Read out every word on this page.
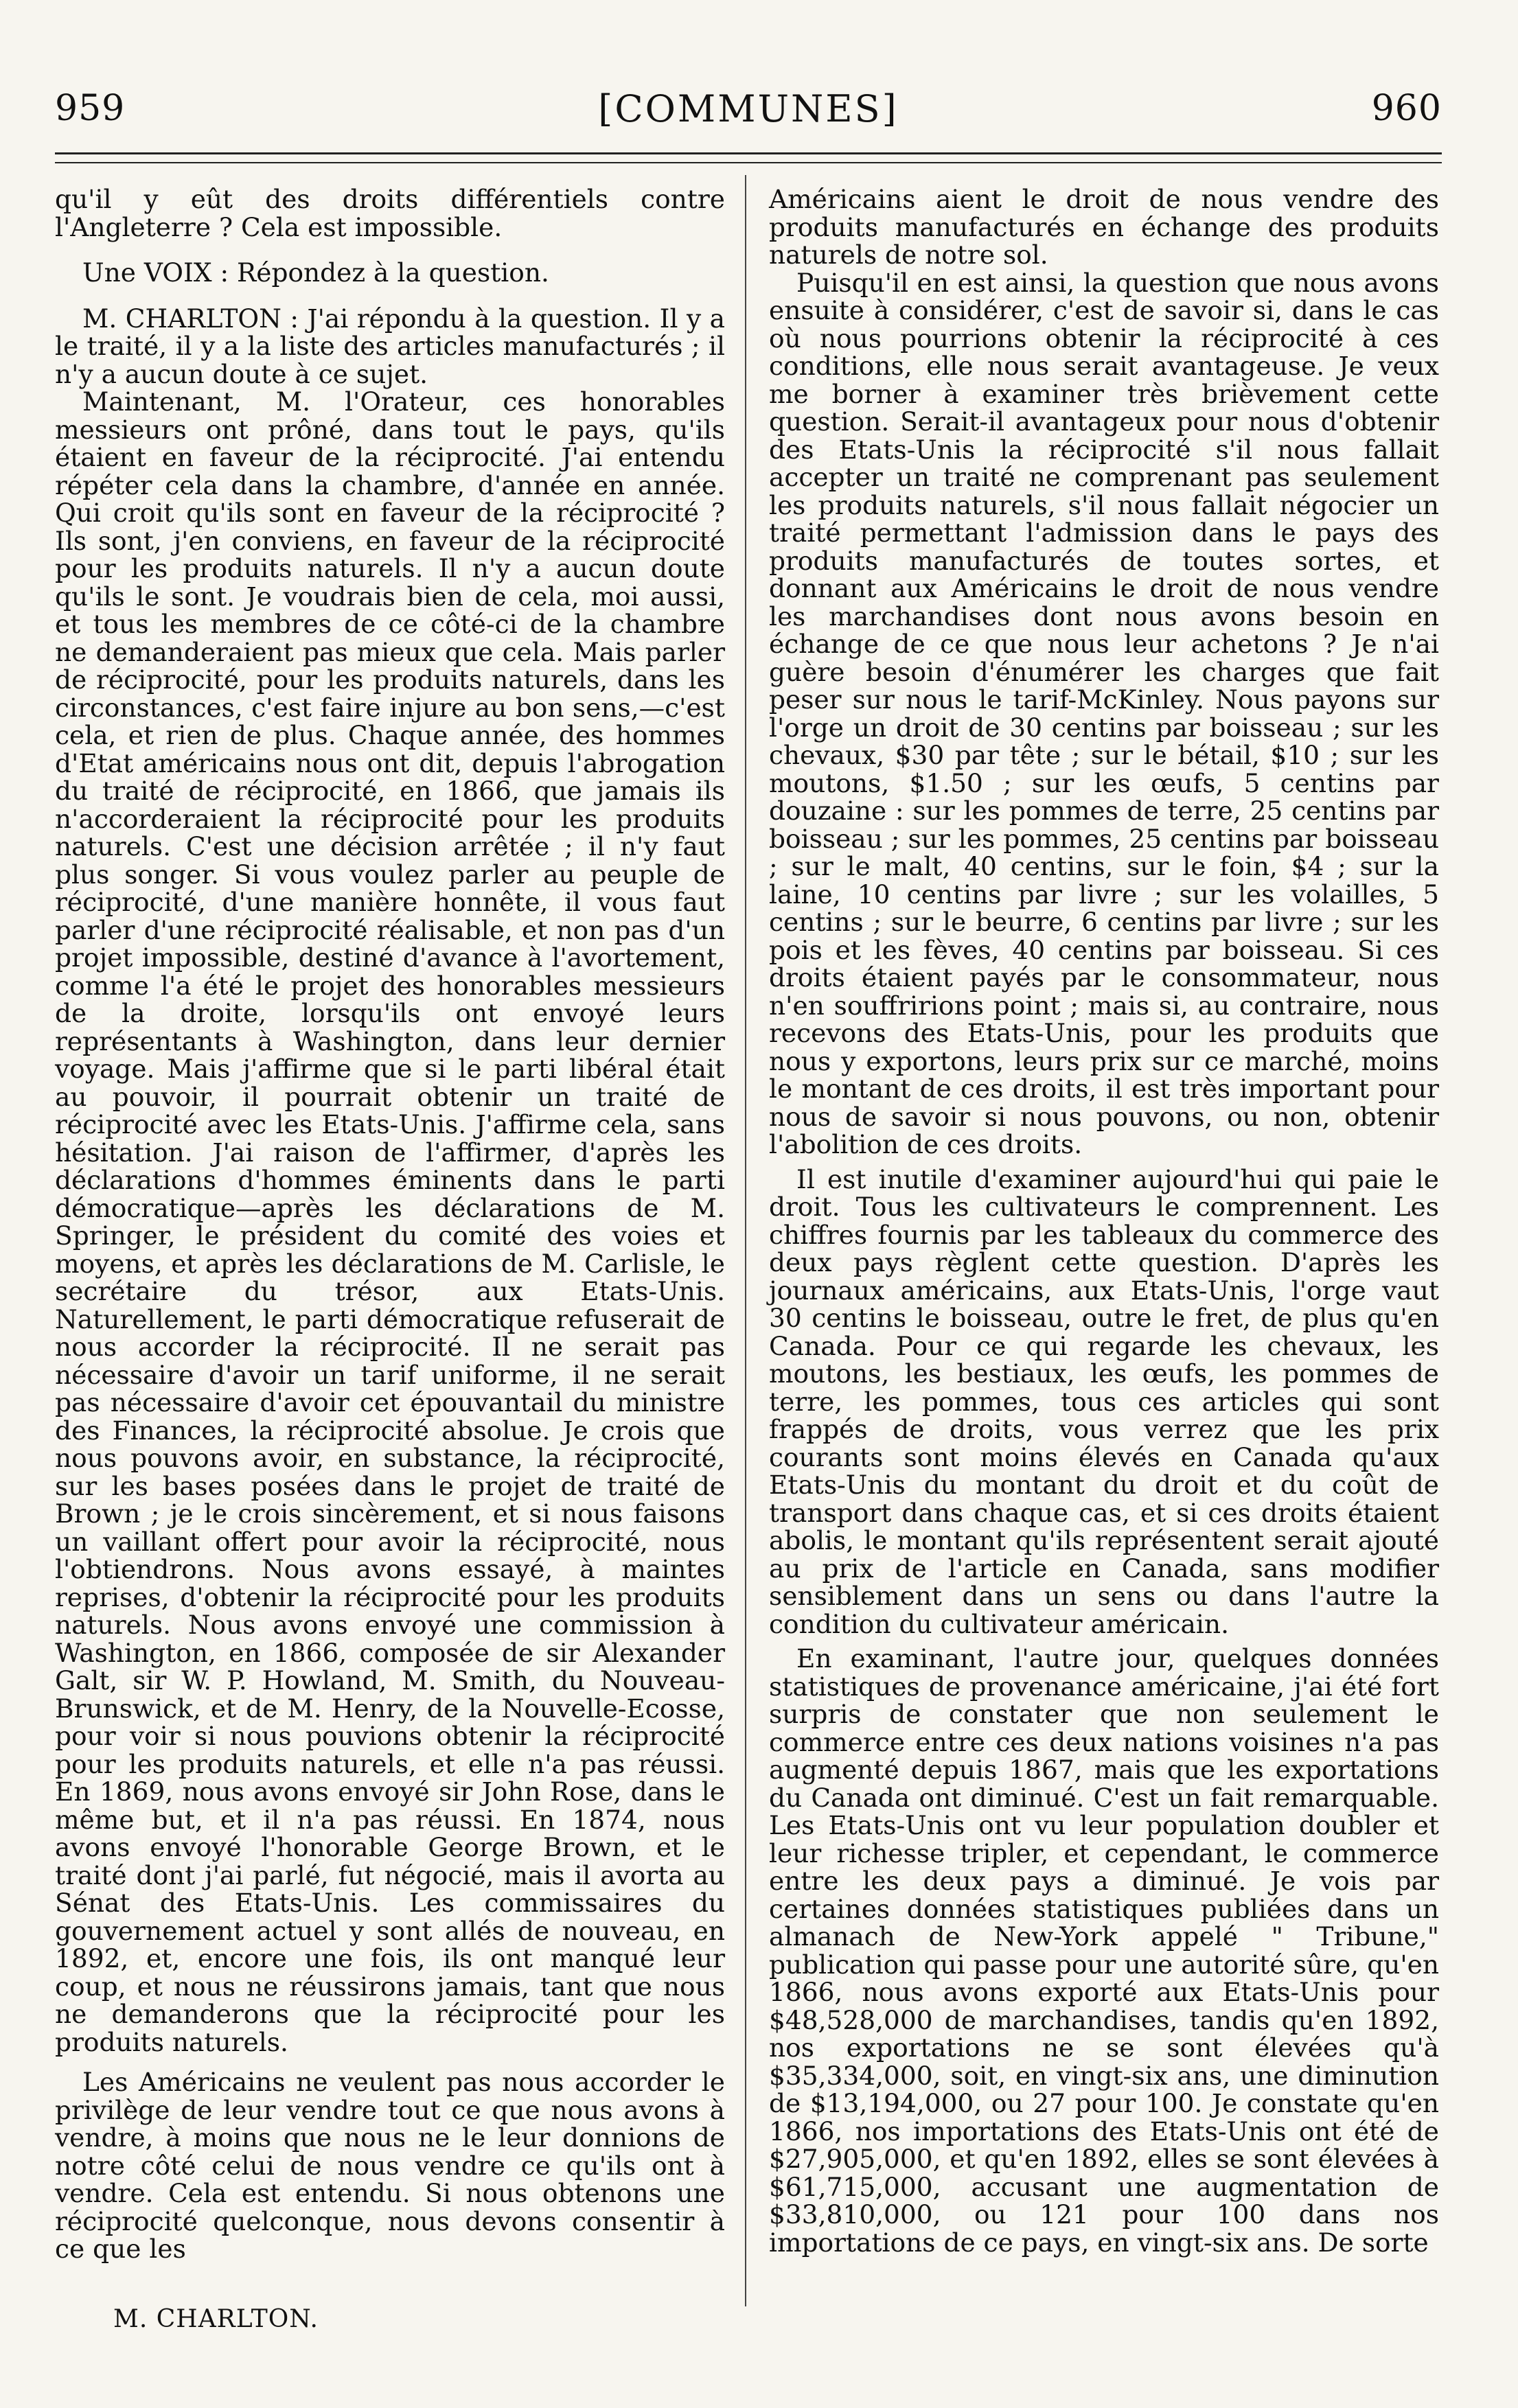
959	[COMMUNES]	960

qu'il y eût des droits différentiels contre l'Angleterre ? Cela est impossible.

Une VOIX : Répondez à la question.

M. CHARLTON : J'ai répondu à la question. Il y a le traité, il y a la liste des articles manufacturés ; il n'y a aucun doute à ce sujet.

Maintenant, M. l'Orateur, ces honorables messieurs ont prôné, dans tout le pays, qu'ils étaient en faveur de la réciprocité. J'ai entendu répéter cela dans la chambre, d'année en année. Qui croit qu'ils sont en faveur de la réciprocité ? Ils sont, j'en conviens, en faveur de la réciprocité pour les produits naturels. Il n'y a aucun doute qu'ils le sont. Je voudrais bien de cela, moi aussi, et tous les membres de ce côté-ci de la chambre ne demanderaient pas mieux que cela. Mais parler de réciprocité, pour les produits naturels, dans les circonstances, c'est faire injure au bon sens,—c'est cela, et rien de plus. Chaque année, des hommes d'Etat américains nous ont dit, depuis l'abrogation du traité de réciprocité, en 1866, que jamais ils n'accorderaient la réciprocité pour les produits naturels. C'est une décision arrêtée ; il n'y faut plus songer. Si vous voulez parler au peuple de réciprocité, d'une manière honnête, il vous faut parler d'une réciprocité réalisable, et non pas d'un projet impossible, destiné d'avance à l'avortement, comme l'a été le projet des honorables messieurs de la droite, lorsqu'ils ont envoyé leurs représentants à Washington, dans leur dernier voyage. Mais j'affirme que si le parti libéral était au pouvoir, il pourrait obtenir un traité de réciprocité avec les Etats-Unis. J'affirme cela, sans hésitation. J'ai raison de l'affirmer, d'après les déclarations d'hommes éminents dans le parti démocratique—après les déclarations de M. Springer, le président du comité des voies et moyens, et après les déclarations de M. Carlisle, le secrétaire du trésor, aux Etats-Unis. Naturellement, le parti démocratique refuserait de nous accorder la réciprocité. Il ne serait pas nécessaire d'avoir un tarif uniforme, il ne serait pas nécessaire d'avoir cet épouvantail du ministre des Finances, la réciprocité absolue. Je crois que nous pouvons avoir, en substance, la réciprocité, sur les bases posées dans le projet de traité de Brown ; je le crois sincèrement, et si nous faisons un vaillant offert pour avoir la réciprocité, nous l'obtiendrons. Nous avons essayé, à maintes reprises, d'obtenir la réciprocité pour les produits naturels. Nous avons envoyé une commission à Washington, en 1866, composée de sir Alexander Galt, sir W. P. Howland, M. Smith, du Nouveau-Brunswick, et de M. Henry, de la Nouvelle-Ecosse, pour voir si nous pouvions obtenir la réciprocité pour les produits naturels, et elle n'a pas réussi. En 1869, nous avons envoyé sir John Rose, dans le même but, et il n'a pas réussi. En 1874, nous avons envoyé l'honorable George Brown, et le traité dont j'ai parlé, fut négocié, mais il avorta au Sénat des Etats-Unis. Les commissaires du gouvernement actuel y sont allés de nouveau, en 1892, et, encore une fois, ils ont manqué leur coup, et nous ne réussirons jamais, tant que nous ne demanderons que la réciprocité pour les produits naturels.

Les Américains ne veulent pas nous accorder le privilège de leur vendre tout ce que nous avons à vendre, à moins que nous ne le leur donnions de notre côté celui de nous vendre ce qu'ils ont à vendre. Cela est entendu. Si nous obtenons une réciprocité quelconque, nous devons consentir à ce que les

Américains aient le droit de nous vendre des produits manufacturés en échange des produits naturels de notre sol.

Puisqu'il en est ainsi, la question que nous avons ensuite à considérer, c'est de savoir si, dans le cas où nous pourrions obtenir la réciprocité à ces conditions, elle nous serait avantageuse. Je veux me borner à examiner très brièvement cette question. Serait-il avantageux pour nous d'obtenir des Etats-Unis la réciprocité s'il nous fallait accepter un traité ne comprenant pas seulement les produits naturels, s'il nous fallait négocier un traité permettant l'admission dans le pays des produits manufacturés de toutes sortes, et donnant aux Américains le droit de nous vendre les marchandises dont nous avons besoin en échange de ce que nous leur achetons ? Je n'ai guère besoin d'énumérer les charges que fait peser sur nous le tarif-McKinley. Nous payons sur l'orge un droit de 30 centins par boisseau ; sur les chevaux, $30 par tête ; sur le bétail, $10 ; sur les moutons, $1.50 ; sur les œufs, 5 centins par douzaine : sur les pommes de terre, 25 centins par boisseau ; sur les pommes, 25 centins par boisseau ; sur le malt, 40 centins, sur le foin, $4 ; sur la laine, 10 centins par livre ; sur les volailles, 5 centins ; sur le beurre, 6 centins par livre ; sur les pois et les fèves, 40 centins par boisseau. Si ces droits étaient payés par le consommateur, nous n'en souffririons point ; mais si, au contraire, nous recevons des Etats-Unis, pour les produits que nous y exportons, leurs prix sur ce marché, moins le montant de ces droits, il est très important pour nous de savoir si nous pouvons, ou non, obtenir l'abolition de ces droits.

Il est inutile d'examiner aujourd'hui qui paie le droit. Tous les cultivateurs le comprennent. Les chiffres fournis par les tableaux du commerce des deux pays règlent cette question. D'après les journaux américains, aux Etats-Unis, l'orge vaut 30 centins le boisseau, outre le fret, de plus qu'en Canada. Pour ce qui regarde les chevaux, les moutons, les bestiaux, les œufs, les pommes de terre, les pommes, tous ces articles qui sont frappés de droits, vous verrez que les prix courants sont moins élevés en Canada qu'aux Etats-Unis du montant du droit et du coût de transport dans chaque cas, et si ces droits étaient abolis, le montant qu'ils représentent serait ajouté au prix de l'article en Canada, sans modifier sensiblement dans un sens ou dans l'autre la condition du cultivateur américain.

En examinant, l'autre jour, quelques données statistiques de provenance américaine, j'ai été fort surpris de constater que non seulement le commerce entre ces deux nations voisines n'a pas augmenté depuis 1867, mais que les exportations du Canada ont diminué. C'est un fait remarquable. Les Etats-Unis ont vu leur population doubler et leur richesse tripler, et cependant, le commerce entre les deux pays a diminué. Je vois par certaines données statistiques publiées dans un almanach de New-York appelé " Tribune," publication qui passe pour une autorité sûre, qu'en 1866, nous avons exporté aux Etats-Unis pour $48,528,000 de marchandises, tandis qu'en 1892, nos exportations ne se sont élevées qu'à $35,334,000, soit, en vingt-six ans, une diminution de $13,194,000, ou 27 pour 100. Je constate qu'en 1866, nos importations des Etats-Unis ont été de $27,905,000, et qu'en 1892, elles se sont élevées à $61,715,000, accusant une augmentation de $33,810,000, ou 121 pour 100 dans nos importations de ce pays, en vingt-six ans. De sorte

M. CHARLTON.
